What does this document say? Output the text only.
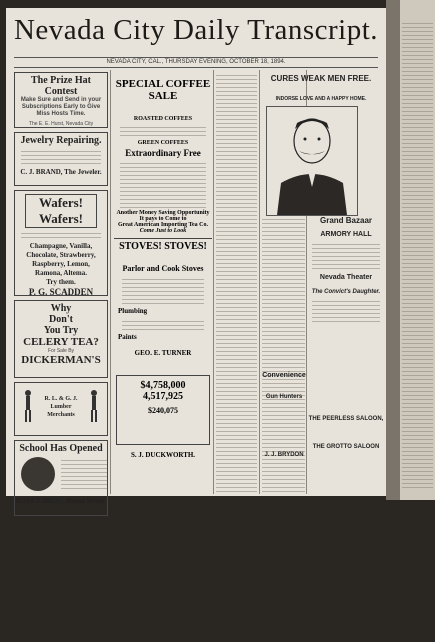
Nevada City Daily Transcript.
NEVADA CITY, CAL., THURSDAY EVENING, OCTOBER 18, 1894.
The Prize Hat Contest
Make Sure and Send in your Subscriptions Early to Give Miss Hosts Time.
The E. E. Hurst, Nevada City
Jewelry Repairing.
C. J. BRAND, The Jeweler.
Wafers! Wafers!
Champagne, Vanilla,
Chocolate, Strawberry,
Raspberry, Lemon,
Ramona, Altema.
Try them.
P. G. SCADDEN
Why
Don't
You Try
CELERY TEA?
For Sale By
DICKERMAN'S
R. L. & G. J. Lumber Merchants
School Has Opened
BOVEY BROS., Broad Street.
SPECIAL COFFEE SALE
ROASTED COFFEES
GREEN COFFEES
Extraordinary Free
Another Money Saving Opportunity
It pays to Come to
Great American Importing Tea Co.
Come Just to Look
STOVES! STOVES!
Parlor and Cook Stoves
Plumbing
Paints
GEO. E. TURNER
$4,758,000
4,517,925
$240,075
S. J. DUCKWORTH.
CURES WEAK MEN FREE.
INDORSE LOVE AND A HAPPY HOME.
Grand Bazaar
ARMORY HALL
Nevada Theater
The Convict's Daughter.
Convenience
Gun Hunters
J. J. BRYDON
THE PEERLESS SALOON,
THE GROTTO SALOON
